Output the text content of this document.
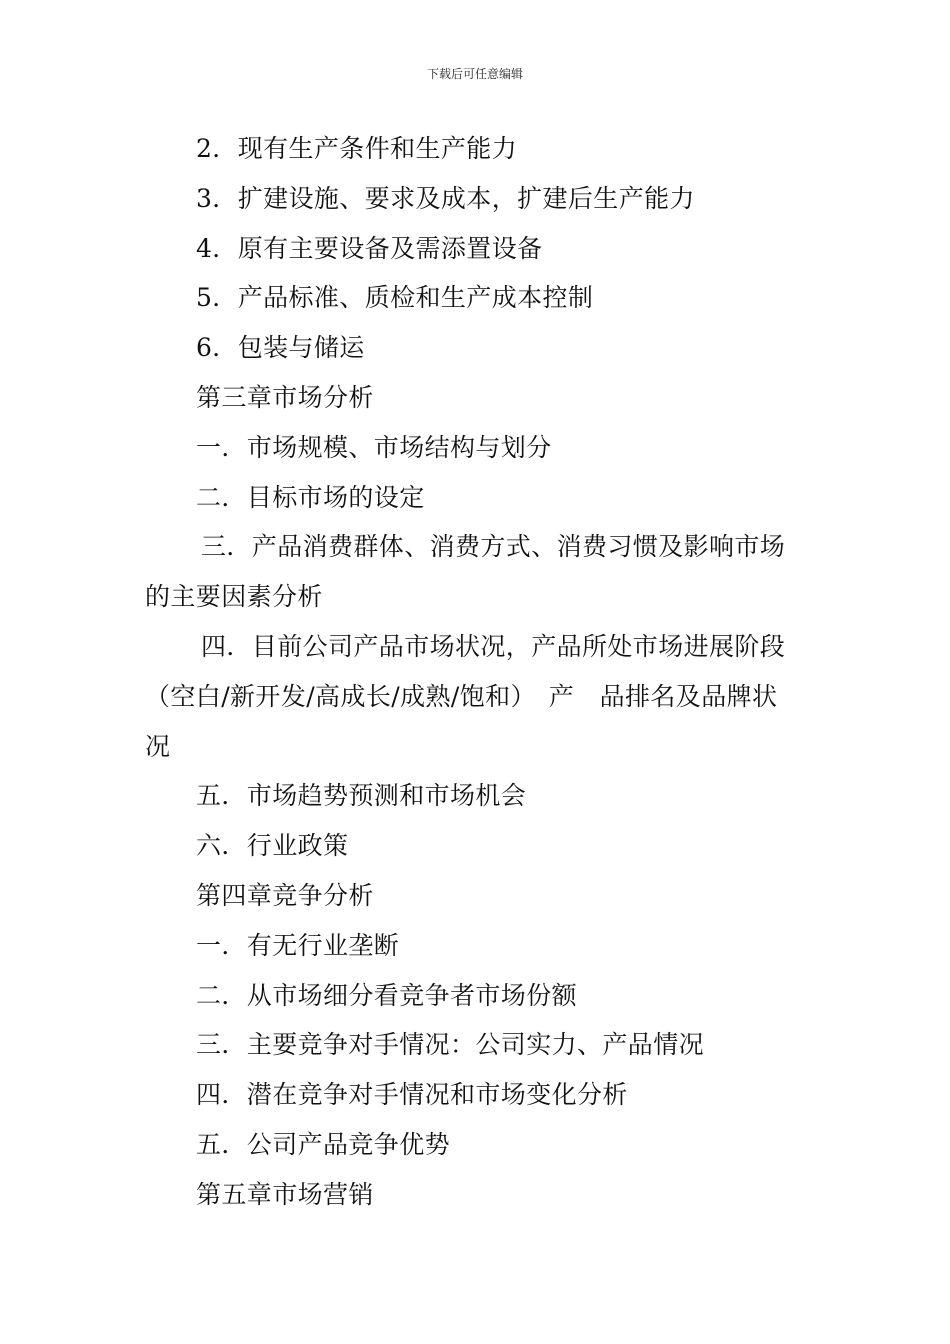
下载后可任意编辑
2．现有生产条件和生产能力
3．扩建设施、要求及成本，扩建后生产能力
4．原有主要设备及需添置设备
5．产品标准、质检和生产成本控制
6．包装与储运
第三章市场分析
一．市场规模、市场结构与划分
二．目标市场的设定
三．产品消费群体、消费方式、消费习惯及影响市场
的主要因素分析
四．目前公司产品市场状况，产品所处市场进展阶段
（空白/新开发/高成长/成熟/饱和）　产　品排名及品牌状
况
五．市场趋势预测和市场机会
六．行业政策
第四章竞争分析
一．有无行业垄断
二．从市场细分看竞争者市场份额
三．主要竞争对手情况：公司实力、产品情况
四．潜在竞争对手情况和市场变化分析
五．公司产品竞争优势
第五章市场营销
